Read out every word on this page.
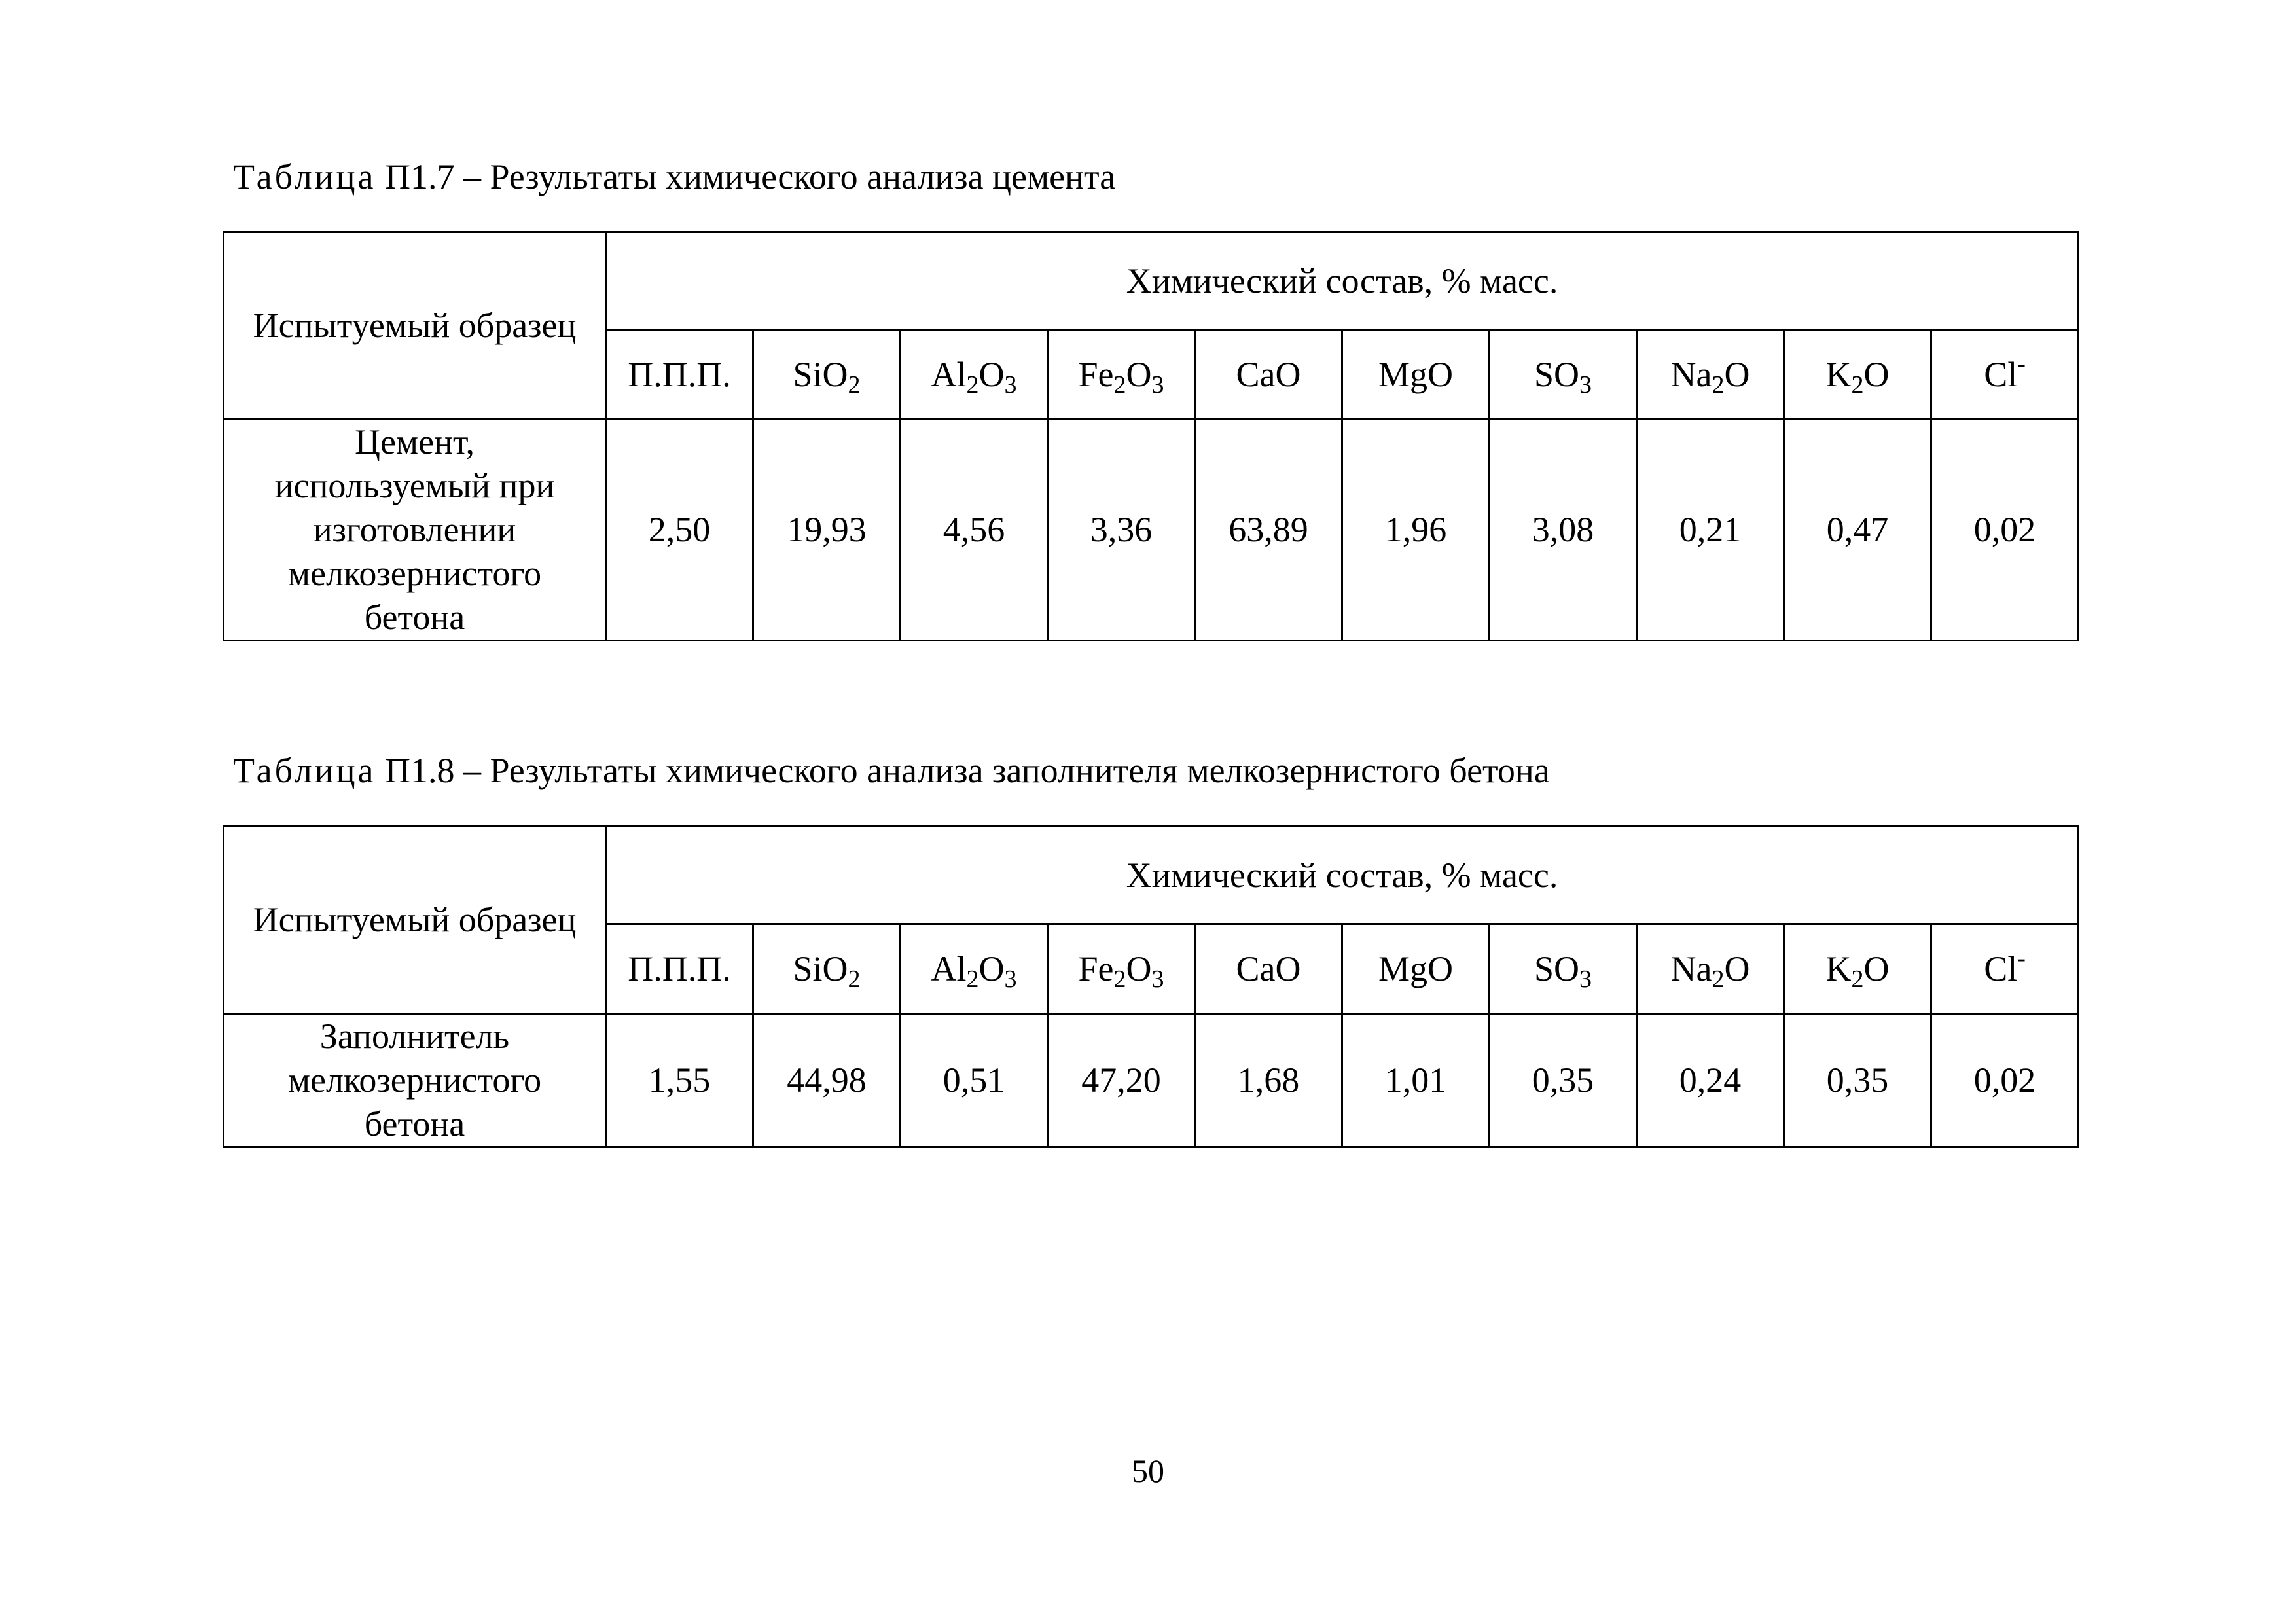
Таблица П1.7 – Результаты химического анализа цемента
Испытуемый образец	Химический состав, % масс.									
	П.П.П.	SiO$_2$	$Al_2O_3$	$Fe_2O_3$	CaO	MgO	$SO_3$	$Na_2O$	$K_2O$	Cl-
Цемент,
используемый при
изготовлении
мелкозернистого
бетона	2,50	19,93	4,56	3,36	63,89	1,96	3,08	0,21	0,47	0,02
Таблица П1.8 – Результаты химического анализа заполнителя мелкозернистого бетона
Испытуемый образец	Химический состав, % масс.									
	П.П.П.	SiO$_2$	$Al_2O_3$	$Fe_2O_3$	CaO	MgO	$SO_3$	$Na_2O$	$K_2O$	Cl-
Заполнитель
мелкозернистого
бетона	1,55	44,98	0,51	47,20	1,68	1,01	0,35	0,24	0,35	0,02
50
